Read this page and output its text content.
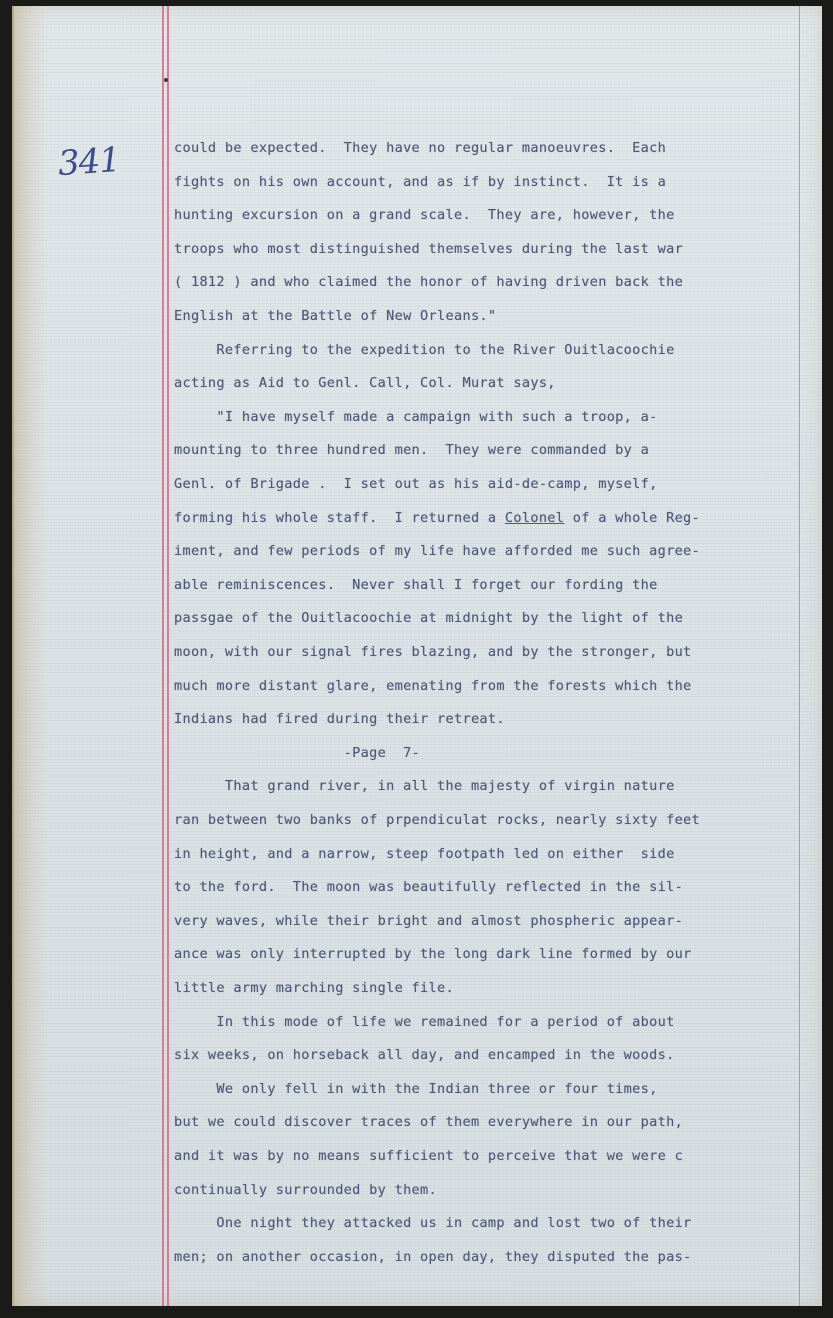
341	could be expected.  They have no regular manoeuvres.  Each
fights on his own account, and as if by instinct.  It is a
hunting excursion on a grand scale.  They are, however, the
troops who most distinguished themselves during the last war
( 1812 ) and who claimed the honor of having driven back the
English at the Battle of New Orleans."
Referring to the expedition to the River Ouitlacoochie
acting as Aid to Genl. Call, Col. Murat says,
"I have myself made a campaign with such a troop, a-
mounting to three hundred men.  They were commanded by a
Genl. of Brigade .  I set out as his aid-de-camp, myself,
forming his whole staff.  I returned a Colonel of a whole Reg-
iment, and few periods of my life have afforded me such agree-
able reminiscences.  Never shall I forget our fording the
passgae of the Ouitlacoochie at midnight by the light of the
moon, with our signal fires blazing, and by the stronger, but
much more distant glare, emenating from the forests which the
Indians had fired during their retreat.
-Page  7-
That grand river, in all the majesty of virgin nature
ran between two banks of prpendiculat rocks, nearly sixty feet
in height, and a narrow, steep footpath led on either  side
to the ford.  The moon was beautifully reflected in the sil-
very waves, while their bright and almost phospheric appear-
ance was only interrupted by the long dark line formed by our
little army marching single file.
In this mode of life we remained for a period of about
six weeks, on horseback all day, and encamped in the woods.
We only fell in with the Indian three or four times,
but we could discover traces of them everywhere in our path,
and it was by no means sufficient to perceive that we were c
continually surrounded by them.
One night they attacked us in camp and lost two of their
men; on another occasion, in open day, they disputed the pas-
